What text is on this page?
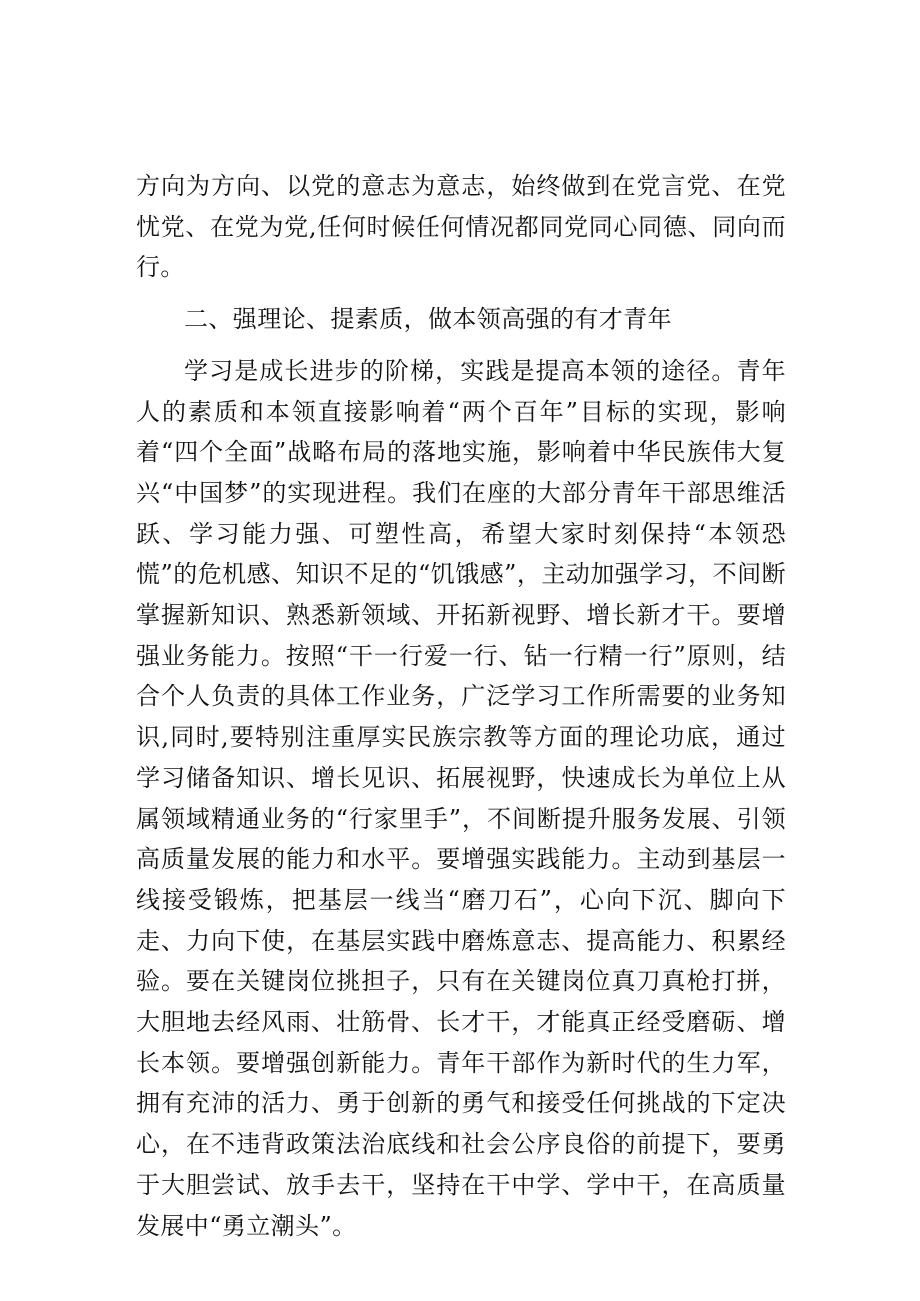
方向为方向、以党的意志为意志，始终做到在党言党、在党忧党、在党为党,任何时候任何情况都同党同心同德、同向而行。

二、强理论、提素质，做本领高强的有才青年

学习是成长进步的阶梯，实践是提高本领的途径。青年人的素质和本领直接影响着“两个百年”目标的实现，影响着“四个全面”战略布局的落地实施，影响着中华民族伟大复兴“中国梦”的实现进程。我们在座的大部分青年干部思维活跃、学习能力强、可塑性高，希望大家时刻保持“本领恐慌”的危机感、知识不足的“饥饿感”，主动加强学习，不间断掌握新知识、熟悉新领域、开拓新视野、增长新才干。要增强业务能力。按照“干一行爱一行、钻一行精一行”原则，结合个人负责的具体工作业务，广泛学习工作所需要的业务知识,同时,要特别注重厚实民族宗教等方面的理论功底，通过学习储备知识、增长见识、拓展视野，快速成长为单位上从属领域精通业务的“行家里手”，不间断提升服务发展、引领高质量发展的能力和水平。要增强实践能力。主动到基层一线接受锻炼，把基层一线当“磨刀石”，心向下沉、脚向下走、力向下使，在基层实践中磨炼意志、提高能力、积累经验。要在关键岗位挑担子，只有在关键岗位真刀真枪打拼，大胆地去经风雨、壮筋骨、长才干，才能真正经受磨砺、增长本领。要增强创新能力。青年干部作为新时代的生力军，拥有充沛的活力、勇于创新的勇气和接受任何挑战的下定决心，在不违背政策法治底线和社会公序良俗的前提下，要勇于大胆尝试、放手去干，坚持在干中学、学中干，在高质量发展中“勇立潮头”。
